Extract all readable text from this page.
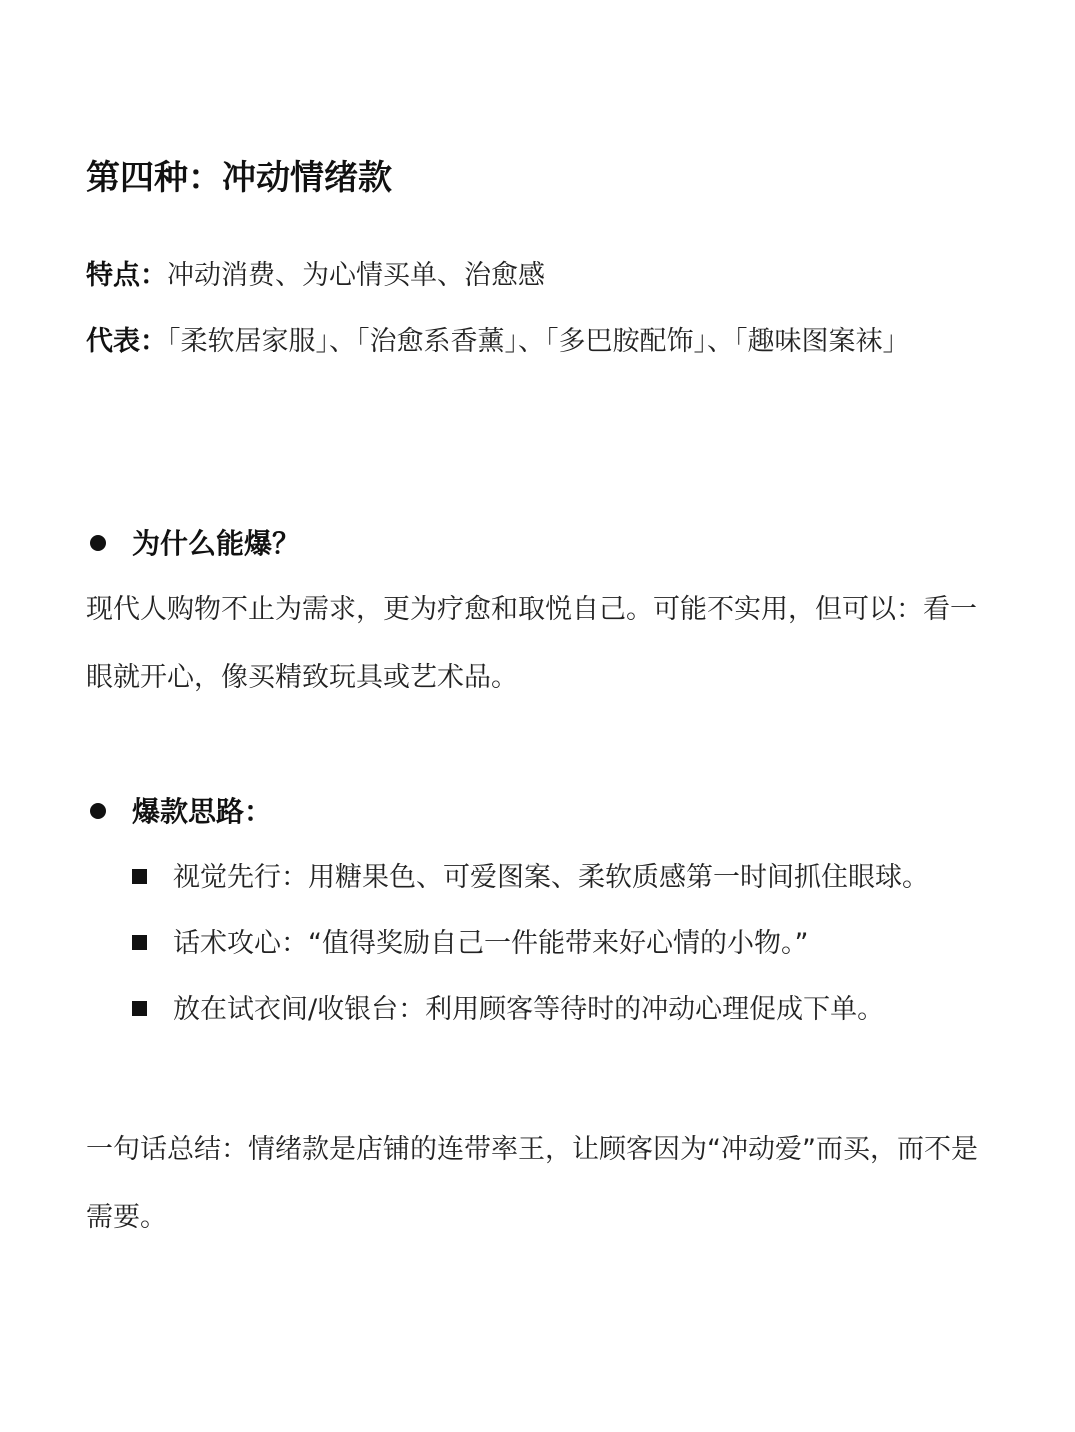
第四种：冲动情绪款
特点：冲动消费、为心情买单、治愈感
代表：「柔软居家服」、「治愈系香薰」、「多巴胺配饰」、「趣味图案袜」
为什么能爆？
现代人购物不止为需求，更为疗愈和取悦自己。可能不实用，但可以：看一眼就开心，像买精致玩具或艺术品。
爆款思路：
视觉先行：用糖果色、可爱图案、柔软质感第一时间抓住眼球。
话术攻心：“值得奖励自己一件能带来好心情的小物。”
放在试衣间/收银台：利用顾客等待时的冲动心理促成下单。
一句话总结：情绪款是店铺的连带率王，让顾客因为“冲动爱”而买，而不是需要。
